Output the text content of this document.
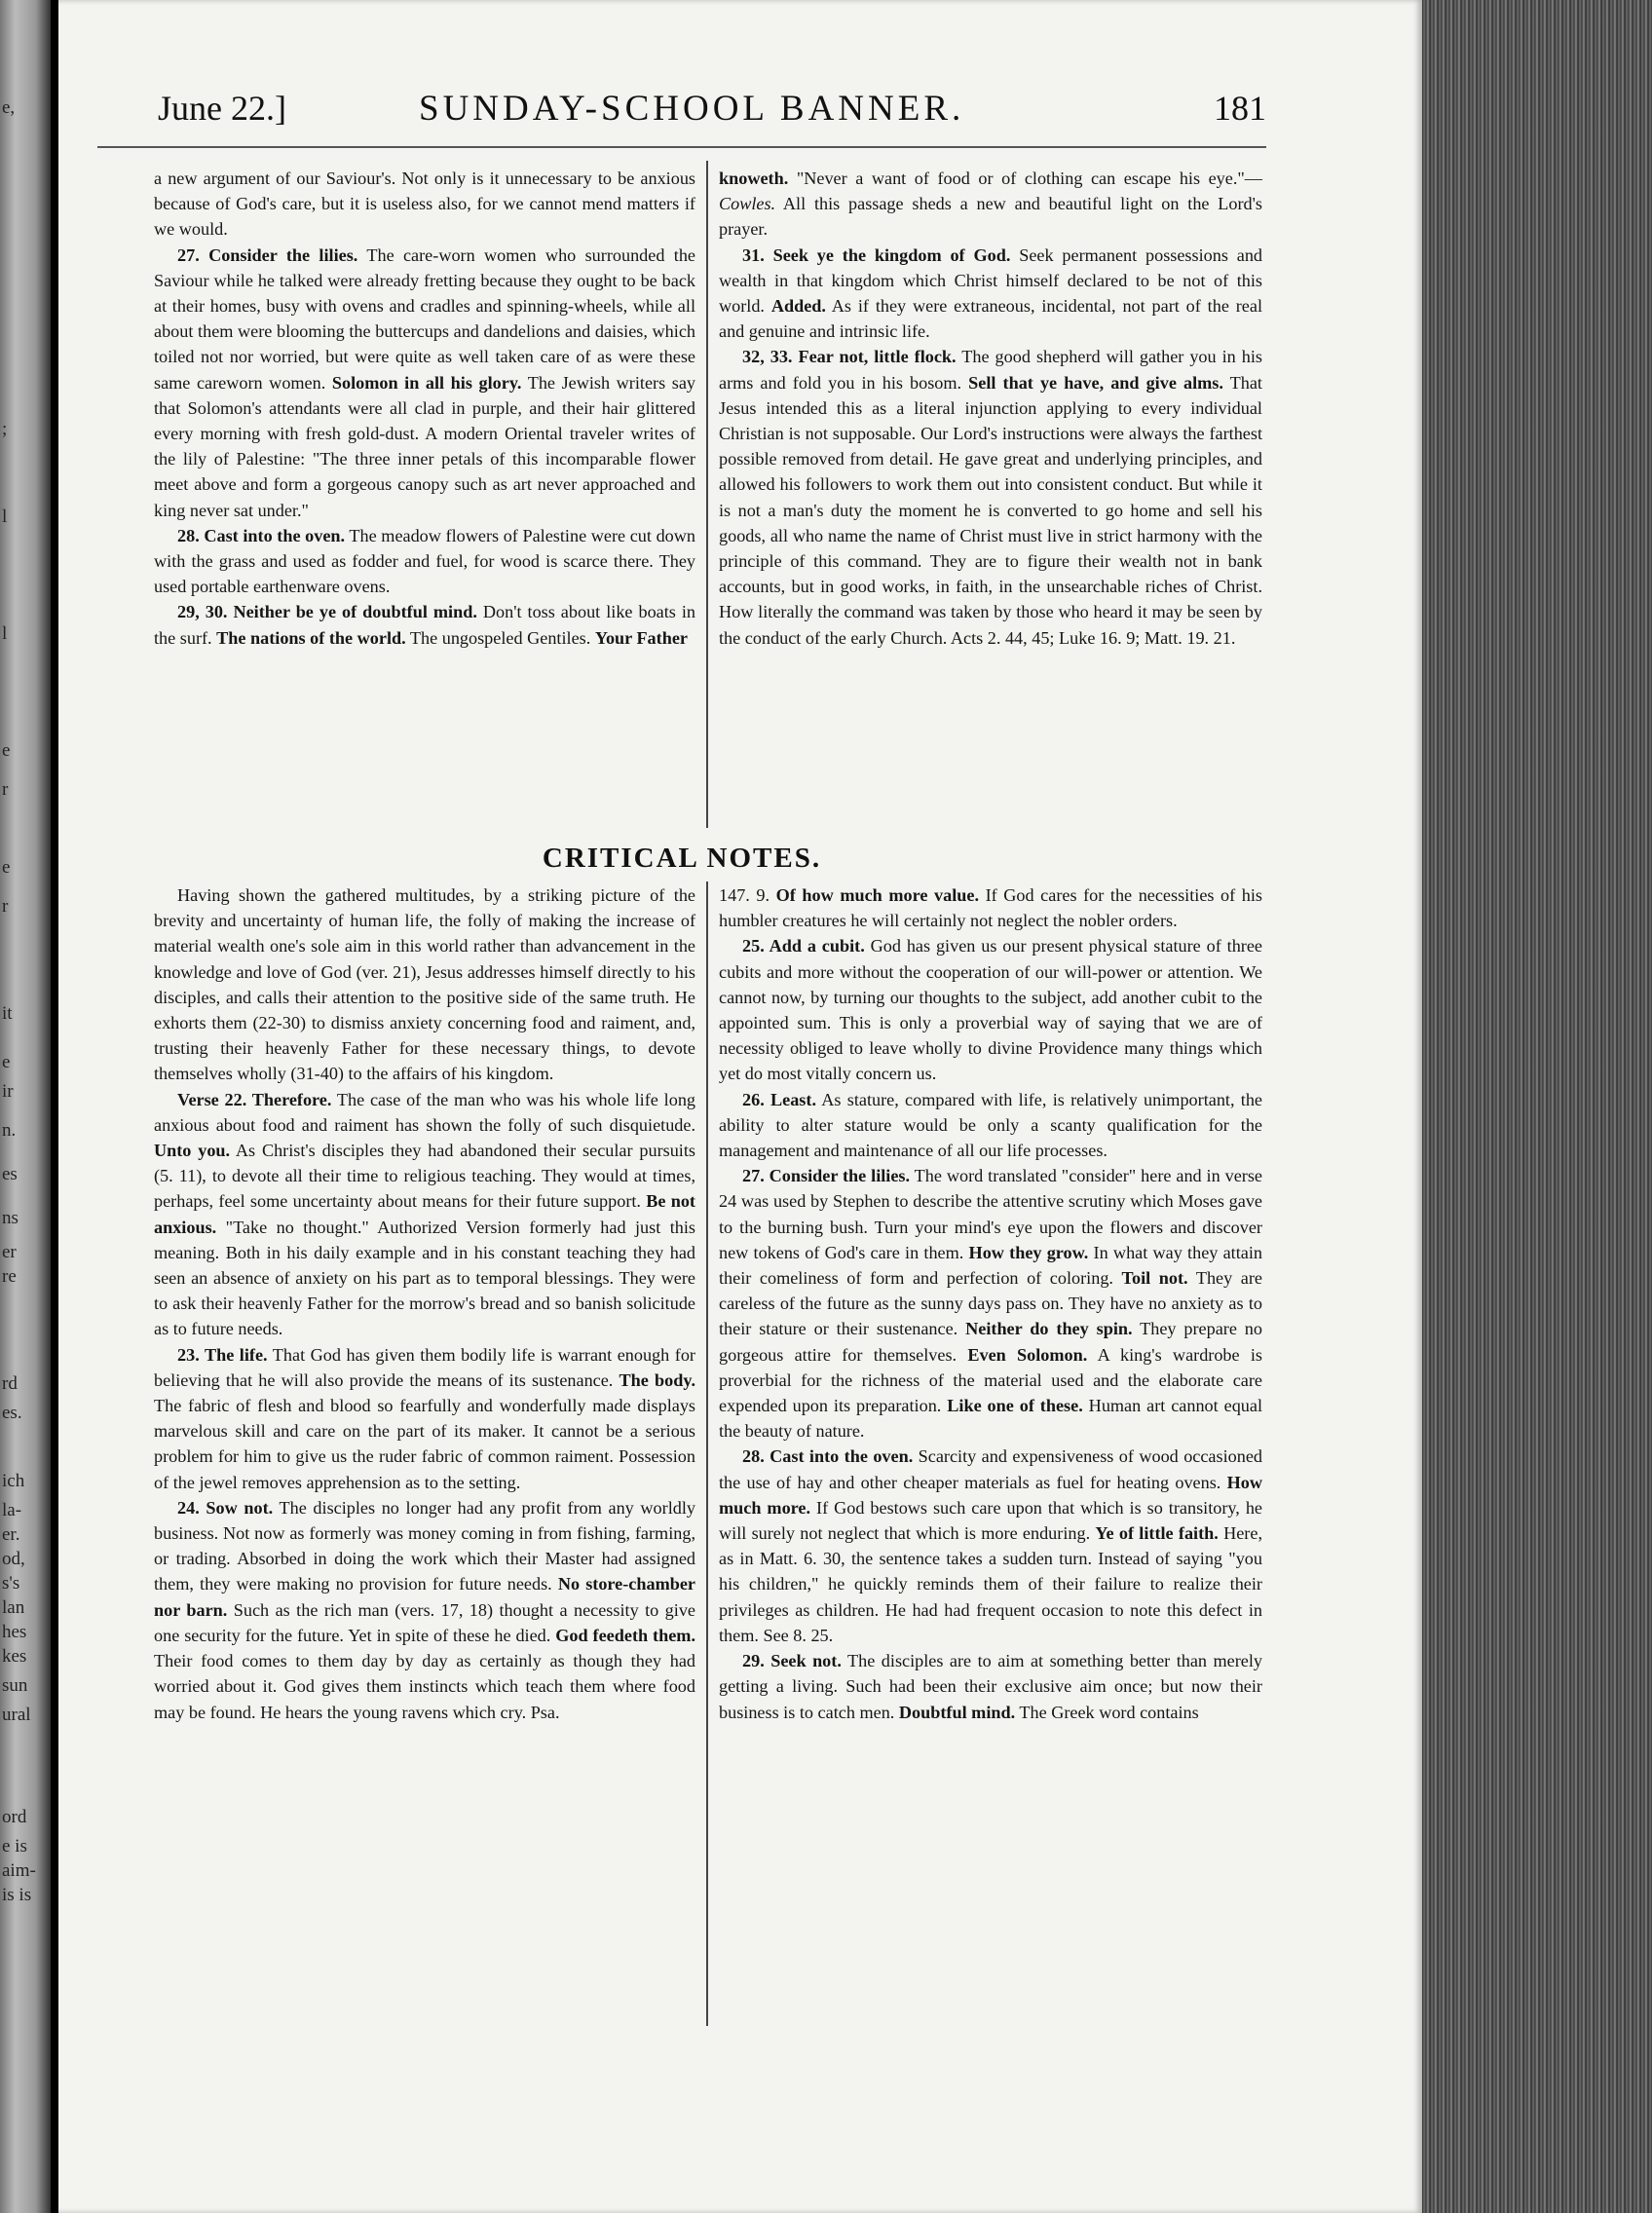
e,
;
l
l
e
r
e
r
it
e
ir
n.
es
ns
er
re
rd
es.
ich
la-
er.
od,
s's
lan
hes
kes
sun
ural
ord
e is
aim-
is is
June 22.]	SUNDAY-SCHOOL BANNER.	181

a new argument of our Saviour's. Not only is it unnecessary to be anxious because of God's care, but it is useless also, for we cannot mend matters if we would.

27. Consider the lilies. The care-worn women who surrounded the Saviour while he talked were already fretting because they ought to be back at their homes, busy with ovens and cradles and spinning-wheels, while all about them were blooming the buttercups and dandelions and daisies, which toiled not nor worried, but were quite as well taken care of as were these same careworn women. Solomon in all his glory. The Jewish writers say that Solomon's attendants were all clad in purple, and their hair glittered every morning with fresh gold-dust. A modern Oriental traveler writes of the lily of Palestine: "The three inner petals of this incomparable flower meet above and form a gorgeous canopy such as art never approached and king never sat under."

28. Cast into the oven. The meadow flowers of Palestine were cut down with the grass and used as fodder and fuel, for wood is scarce there. They used portable earthenware ovens.

29, 30. Neither be ye of doubtful mind. Don't toss about like boats in the surf. The nations of the world. The ungospeled Gentiles. Your Father

knoweth. "Never a want of food or of clothing can escape his eye."—Cowles. All this passage sheds a new and beautiful light on the Lord's prayer.

31. Seek ye the kingdom of God. Seek permanent possessions and wealth in that kingdom which Christ himself declared to be not of this world. Added. As if they were extraneous, incidental, not part of the real and genuine and intrinsic life.

32, 33. Fear not, little flock. The good shepherd will gather you in his arms and fold you in his bosom. Sell that ye have, and give alms. That Jesus intended this as a literal injunction applying to every individual Christian is not supposable. Our Lord's instructions were always the farthest possible removed from detail. He gave great and underlying principles, and allowed his followers to work them out into consistent conduct. But while it is not a man's duty the moment he is converted to go home and sell his goods, all who name the name of Christ must live in strict harmony with the principle of this command. They are to figure their wealth not in bank accounts, but in good works, in faith, in the unsearchable riches of Christ. How literally the command was taken by those who heard it may be seen by the conduct of the early Church. Acts 2. 44, 45; Luke 16. 9; Matt. 19. 21.

CRITICAL NOTES.

Having shown the gathered multitudes, by a striking picture of the brevity and uncertainty of human life, the folly of making the increase of material wealth one's sole aim in this world rather than advancement in the knowledge and love of God (ver. 21), Jesus addresses himself directly to his disciples, and calls their attention to the positive side of the same truth. He exhorts them (22-30) to dismiss anxiety concerning food and raiment, and, trusting their heavenly Father for these necessary things, to devote themselves wholly (31-40) to the affairs of his kingdom.

Verse 22. Therefore. The case of the man who was his whole life long anxious about food and raiment has shown the folly of such disquietude. Unto you. As Christ's disciples they had abandoned their secular pursuits (5. 11), to devote all their time to religious teaching. They would at times, perhaps, feel some uncertainty about means for their future support. Be not anxious. "Take no thought." Authorized Version formerly had just this meaning. Both in his daily example and in his constant teaching they had seen an absence of anxiety on his part as to temporal blessings. They were to ask their heavenly Father for the morrow's bread and so banish solicitude as to future needs.

23. The life. That God has given them bodily life is warrant enough for believing that he will also provide the means of its sustenance. The body. The fabric of flesh and blood so fearfully and wonderfully made displays marvelous skill and care on the part of its maker. It cannot be a serious problem for him to give us the ruder fabric of common raiment. Possession of the jewel removes apprehension as to the setting.

24. Sow not. The disciples no longer had any profit from any worldly business. Not now as formerly was money coming in from fishing, farming, or trading. Absorbed in doing the work which their Master had assigned them, they were making no provision for future needs. No store-chamber nor barn. Such as the rich man (vers. 17, 18) thought a necessity to give one security for the future. Yet in spite of these he died. God feedeth them. Their food comes to them day by day as certainly as though they had worried about it. God gives them instincts which teach them where food may be found. He hears the young ravens which cry. Psa.

147. 9. Of how much more value. If God cares for the necessities of his humbler creatures he will certainly not neglect the nobler orders.

25. Add a cubit. God has given us our present physical stature of three cubits and more without the cooperation of our will-power or attention. We cannot now, by turning our thoughts to the subject, add another cubit to the appointed sum. This is only a proverbial way of saying that we are of necessity obliged to leave wholly to divine Providence many things which yet do most vitally concern us.

26. Least. As stature, compared with life, is relatively unimportant, the ability to alter stature would be only a scanty qualification for the management and maintenance of all our life processes.

27. Consider the lilies. The word translated "consider" here and in verse 24 was used by Stephen to describe the attentive scrutiny which Moses gave to the burning bush. Turn your mind's eye upon the flowers and discover new tokens of God's care in them. How they grow. In what way they attain their comeliness of form and perfection of coloring. Toil not. They are careless of the future as the sunny days pass on. They have no anxiety as to their stature or their sustenance. Neither do they spin. They prepare no gorgeous attire for themselves. Even Solomon. A king's wardrobe is proverbial for the richness of the material used and the elaborate care expended upon its preparation. Like one of these. Human art cannot equal the beauty of nature.

28. Cast into the oven. Scarcity and expensiveness of wood occasioned the use of hay and other cheaper materials as fuel for heating ovens. How much more. If God bestows such care upon that which is so transitory, he will surely not neglect that which is more enduring. Ye of little faith. Here, as in Matt. 6. 30, the sentence takes a sudden turn. Instead of saying "you his children," he quickly reminds them of their failure to realize their privileges as children. He had had frequent occasion to note this defect in them. See 8. 25.

29. Seek not. The disciples are to aim at something better than merely getting a living. Such had been their exclusive aim once; but now their business is to catch men. Doubtful mind. The Greek word contains
